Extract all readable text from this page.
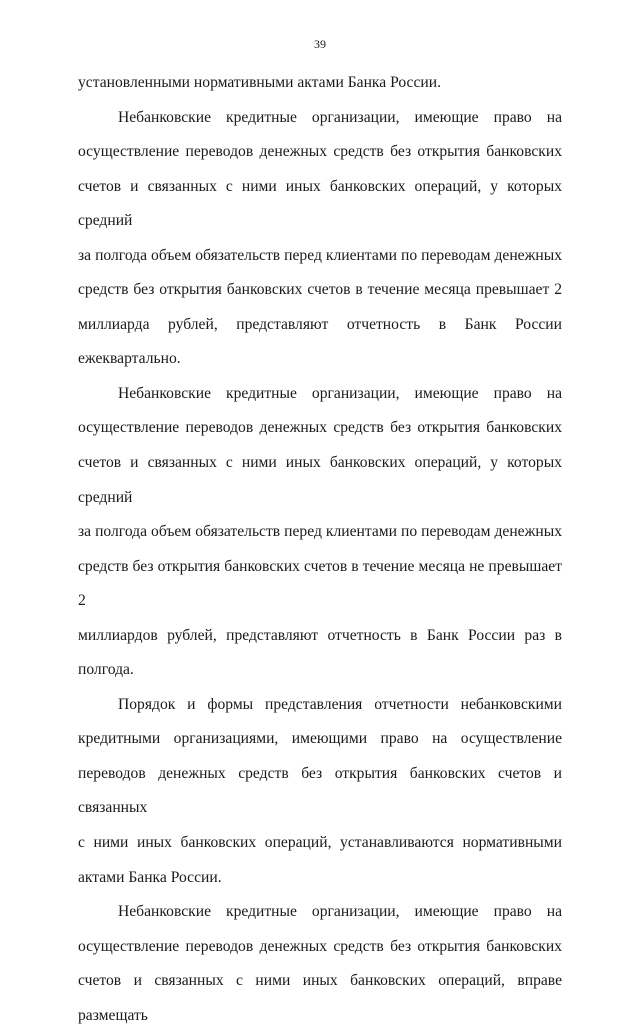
39

установленными нормативными актами Банка России.

Небанковские кредитные организации, имеющие право на

осуществление переводов денежных средств без открытия банковских

счетов и связанных с ними иных банковских операций, у которых средний

за полгода объем обязательств перед клиентами по переводам денежных

средств без открытия банковских счетов в течение месяца превышает 2

миллиарда рублей, представляют отчетность в Банк России ежеквартально.

Небанковские кредитные организации, имеющие право на

осуществление переводов денежных средств без открытия банковских

счетов и связанных с ними иных банковских операций, у которых средний

за полгода объем обязательств перед клиентами по переводам денежных

средств без открытия банковских счетов в течение месяца не превышает 2

миллиардов рублей, представляют отчетность в Банк России раз в полгода.

Порядок и формы представления отчетности небанковскими

кредитными организациями, имеющими право на осуществление

переводов денежных средств без открытия банковских счетов и связанных

с ними иных банковских операций, устанавливаются нормативными

актами Банка России.

Небанковские кредитные организации, имеющие право на

осуществление переводов денежных средств без открытия банковских

счетов и связанных с ними иных банковских операций, вправе размещать
